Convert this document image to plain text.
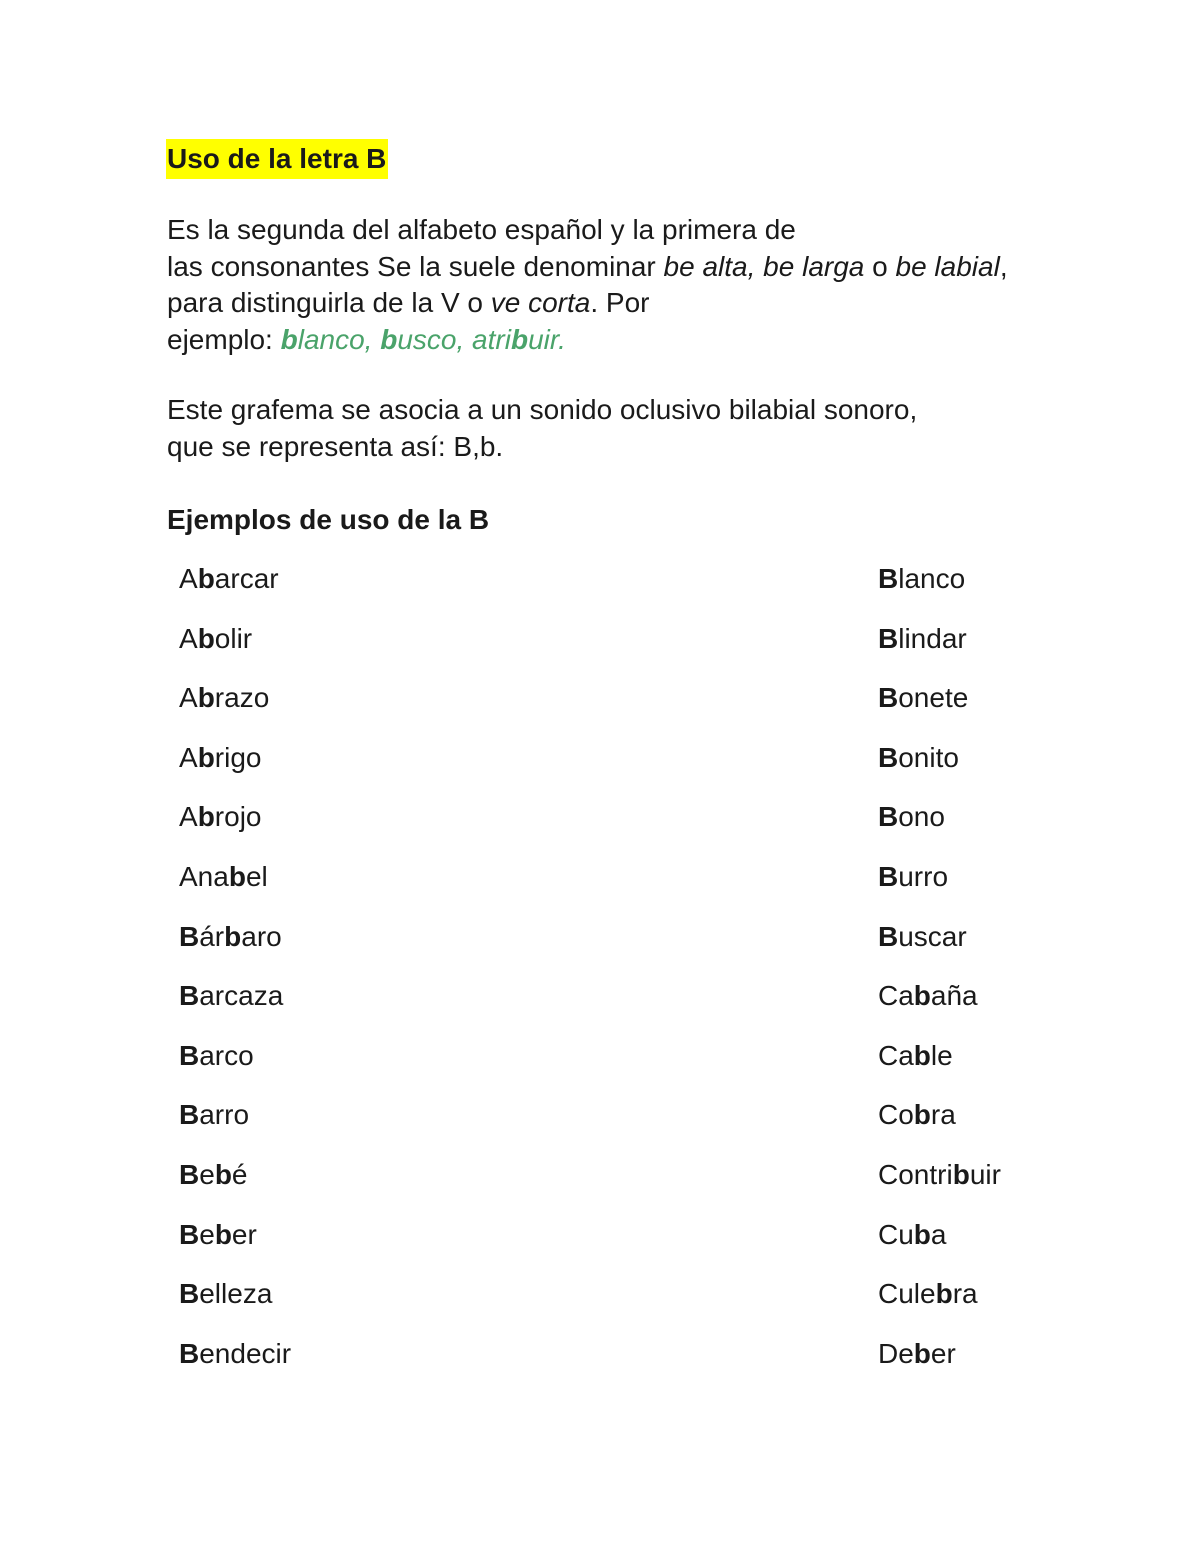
Uso de la letra B

Es la segunda del alfabeto español y la primera de
las consonantes Se la suele denominar be alta, be larga o be labial, para distinguirla de la V o ve corta. Por
ejemplo: blanco, busco, atribuir.

Este grafema se asocia a un sonido oclusivo bilabial sonoro,
que se representa así: B,b.

Ejemplos de uso de la B
Abarcar
Abolir
Abrazo
Abrigo
Abrojo
Anabel
Bárbaro
Barcaza
Barco
Barro
Bebé
Beber
Belleza
Bendecir
Blanco
Blindar
Bonete
Bonito
Bono
Burro
Buscar
Cabaña
Cable
Cobra
Contribuir
Cuba
Culebra
Deber
